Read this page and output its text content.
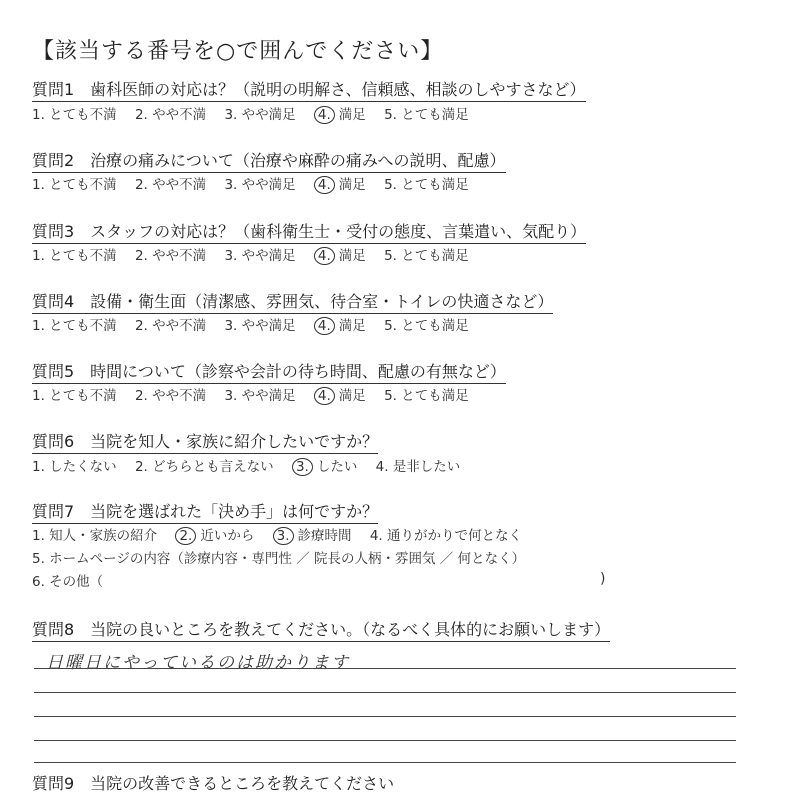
【該当する番号を○で囲んでください】
質問1　歯科医師の対応は？（説明の明解さ、信頼感、相談のしやすさなど）
1. とても不満 2. やや不満 3. やや満足 4. 満足 5. とても満足
質問2　治療の痛みについて（治療や麻酔の痛みへの説明、配慮）
1. とても不満 2. やや不満 3. やや満足 4. 満足 5. とても満足
質問3　スタッフの対応は？（歯科衛生士・受付の態度、言葉遣い、気配り）
1. とても不満 2. やや不満 3. やや満足 4. 満足 5. とても満足
質問4　設備・衛生面（清潔感、雰囲気、待合室・トイレの快適さなど）
1. とても不満 2. やや不満 3. やや満足 4. 満足 5. とても満足
質問5　時間について（診察や会計の待ち時間、配慮の有無など）
1. とても不満 2. やや不満 3. やや満足 4. 満足 5. とても満足
質問6　当院を知人・家族に紹介したいですか？
1. したくない 2. どちらとも言えない 3. したい 4. 是非したい
質問7　当院を選ばれた「決め手」は何ですか？
1. 知人・家族の紹介 2. 近いから 3. 診療時間 4. 通りがかりで何となく
5. ホームページの内容（診療内容・専門性 ／ 院長の人柄・雰囲気 ／ 何となく）
6. その他（	)
質問8　当院の良いところを教えてください。（なるべく具体的にお願いします）
日曜日にやっているのは助かります
質問9　当院の改善できるところを教えてください
